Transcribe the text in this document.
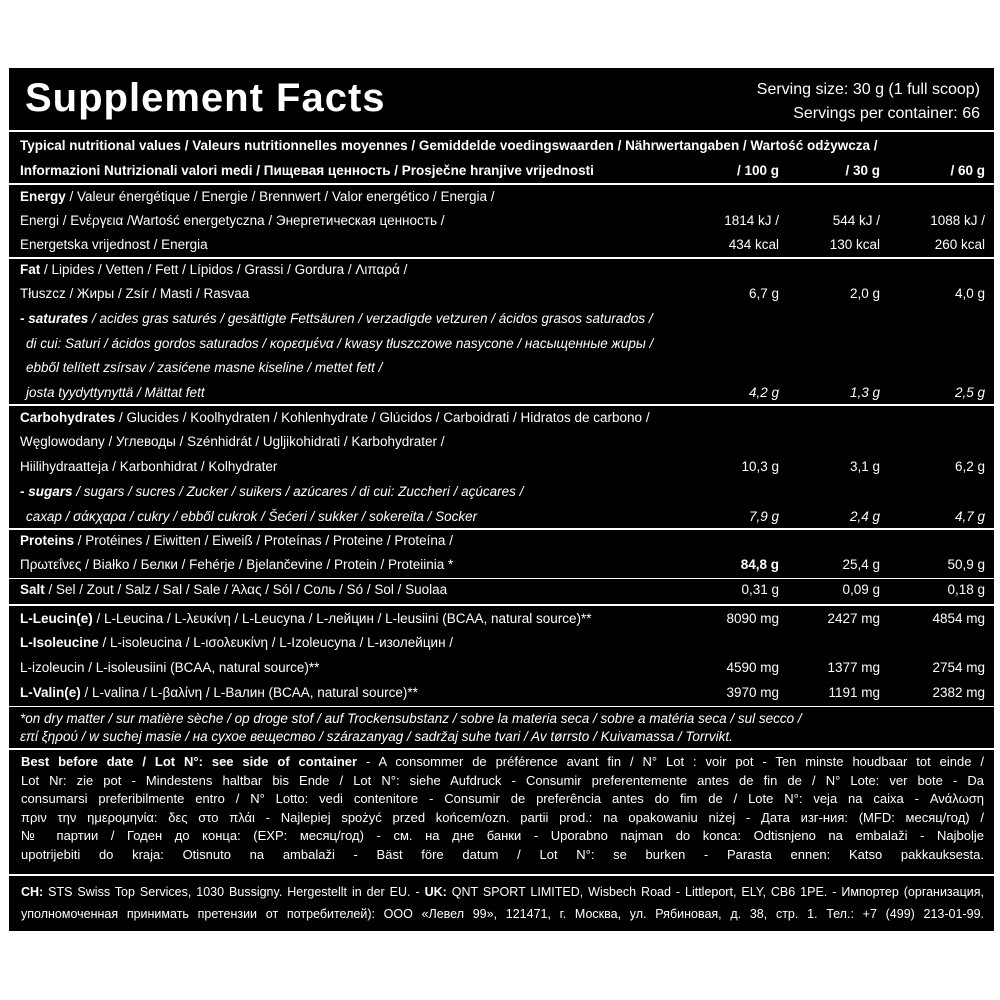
Supplement Facts	Serving size: 30 g (1 full scoop)
Servings per container: 66
Typical nutritional values / Valeurs nutritionnelles moyennes / Gemiddelde voedingswaarden / Nährwertangaben / Wartość odżywcza /
Informazioni Nutrizionali valori medi / Пищевая ценность / Prosječne hranjive vrijednosti	/ 100 g	/ 30 g	/ 60 g
Energy / Valeur énergétique / Energie / Brennwert / Valor energético / Energia /
Energi / Ενέργεια /Wartość energetyczna / Энергетическая ценность /	1814 kJ /	544 kJ /	1088 kJ /
Energetska vrijednost / Energia	434 kcal	130 kcal	260 kcal
Fat / Lipides / Vetten / Fett / Lípidos / Grassi / Gordura / Λιπαρά /
Tłuszcz / Жиры / Zsír / Masti / Rasvaa	6,7 g	2,0 g	4,0 g
- saturates / acides gras saturés / gesättigte Fettsäuren / verzadigde vetzuren / ácidos grasos saturados /
di cui: Saturi / ácidos gordos saturados / κορεσμένα / kwasy tłuszczowe nasycone / насыщенные жиры /
ebből telített zsírsav / zasićene masne kiseline / mettet fett /
josta tyydyttynyttä / Mättat fett	4,2 g	1,3 g	2,5 g
Carbohydrates / Glucides / Koolhydraten / Kohlenhydrate / Glúcidos / Carboidrati / Hidratos de carbono /
Węglowodany / Углеводы / Szénhidrát / Ugljikohidrati / Karbohydrater /
Hiilihydraatteja / Karbonhidrat / Kolhydrater	10,3 g	3,1 g	6,2 g
- sugars / sugars / sucres / Zucker / suikers / azúcares / di cui: Zuccheri / açúcares /
сахар / σάκχαρα / cukry / ebből cukrok / Šećeri / sukker / sokereita / Socker	7,9 g	2,4 g	4,7 g
Proteins / Protéines / Eiwitten / Eiweiß / Proteínas / Proteine / Proteína /
Πρωτεΐνες / Białko / Белки / Fehérje / Bjelančevine / Protein / Proteiinia *	84,8 g	25,4 g	50,9 g
Salt / Sel / Zout / Salz / Sal / Sale / Άλας / Sól / Соль / Só / Sol / Suolaa	0,31 g	0,09 g	0,18 g
L-Leucin(e) / L-Leucina / L-λευκίνη / L-Leucyna / L-лейцин / L-leusiini (BCAA, natural source)**	8090 mg	2427 mg	4854 mg
L-Isoleucine / L-isoleucina / L-ισολευκίνη / L-Izoleucyna / L-изолейцин /
L-izoleucin / L-isoleusiini (BCAA, natural source)**	4590 mg	1377 mg	2754 mg
L-Valin(e) / L-valina / L-βαλίνη / L-Валин (BCAA, natural source)**	3970 mg	1191 mg	2382 mg
*on dry matter / sur matière sèche / op droge stof / auf Trockensubstanz / sobre la materia seca / sobre a matéria seca / sul secco /
επί ξηρού / w suchej masie / на сухое вещество / szárazanyag / sadržaj suhe tvari / Av tørrsto / Kuivamassa / Torrvikt.
Best before date / Lot N°: see side of container - A consommer de préférence avant fin / N° Lot : voir pot - Ten minste houdbaar tot einde /
Lot Nr: zie pot - Mindestens haltbar bis Ende / Lot N°: siehe Aufdruck - Consumir preferentemente antes de fin de / N° Lote: ver bote - Da
consumarsi preferibilmente entro / N° Lotto: vedi contenitore - Consumir de preferência antes do fim de / Lote N°: veja na caixa - Ανάλωση
πριν την ημερομηνία: δες στο πλάι - Najlepiej spożyć przed końcem/ozn. partii prod.: na opakowaniu niżej - Дата изг-ния: (MFD: месяц/год) /
№ партии / Годен до конца: (EXP: месяц/год) - см. на дне банки - Uporabno najman do konca: Odtisnjeno na embalaži - Najbolje
upotrijebiti do kraja: Otisnuto na ambalaži - Bäst före datum / Lot N°: se burken - Parasta ennen: Katso pakkauksesta.
CH: STS Swiss Top Services, 1030 Bussigny. Hergestellt in der EU. - UK: QNT SPORT LIMITED, Wisbech Road - Littleport, ELY, CB6 1PE. - Импортер (организация,
уполномоченная принимать претензии от потребителей): ООО «Левел 99», 121471, г. Москва, ул. Рябиновая, д. 38, стр. 1. Тел.: +7 (499) 213-01-99.
